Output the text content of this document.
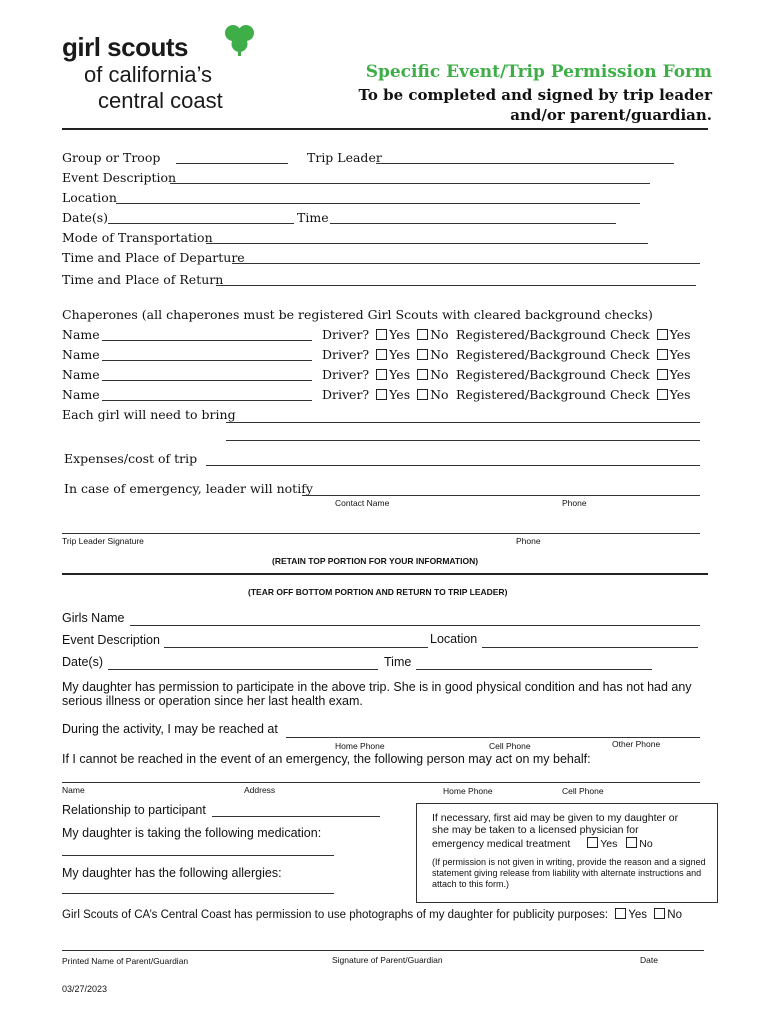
girl scouts
of california’s
central coast
Specific Event/Trip Permission Form
To be completed and signed by trip leader
and/or parent/guardian.
Group or Troop	Trip Leader
Event Description
Location
Date(s)	Time
Mode of Transportation
Time and Place of Departure
Time and Place of Return
Chaperones (all chaperones must be registered Girl Scouts with cleared background checks)
Name	Driver? Yes No Registered/Background Check Yes
Name	Driver? Yes No Registered/Background Check Yes
Name	Driver? Yes No Registered/Background Check Yes
Name	Driver? Yes No Registered/Background Check Yes
Each girl will need to bring
Expenses/cost of trip
In case of emergency, leader will notify
Contact Name	Phone
Trip Leader Signature	Phone
(RETAIN TOP PORTION FOR YOUR INFORMATION)
(TEAR OFF BOTTOM PORTION AND RETURN TO TRIP LEADER)
Girls Name
Event Description	Location
Date(s)	Time
My daughter has permission to participate in the above trip. She is in good physical condition and has not had any
serious illness or operation since her last health exam.
During the activity, I may be reached at
Home Phone	Cell Phone	Other Phone
If I cannot be reached in the event of an emergency, the following person may act on my behalf:
Name	Address	Home Phone	Cell Phone
Relationship to participant
My daughter is taking the following medication:
My daughter has the following allergies:
If necessary, first aid may be given to my daughter or
she may be taken to a licensed physician for
emergency medical treatment	Yes No
(If permission is not given in writing, provide the reason and a signed statement giving release from liability with alternate instructions and attach to this form.)
Girl Scouts of CA’s Central Coast has permission to use photographs of my daughter for publicity purposes: Yes No
Printed Name of Parent/Guardian	Signature of Parent/Guardian	Date
03/27/2023
